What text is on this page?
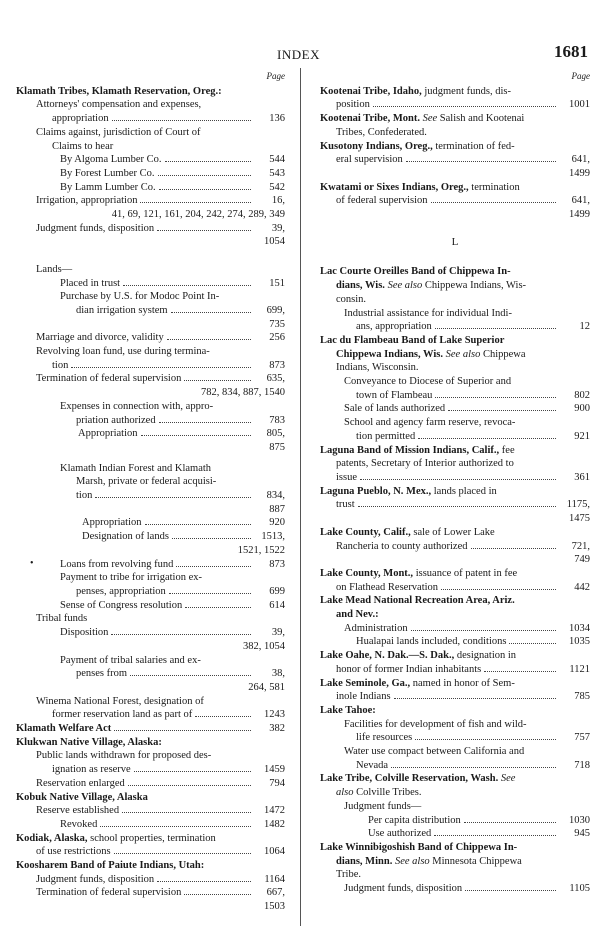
INDEX	1681
•
Page
Klamath Tribes, Klamath Reservation, Oreg.:
Attorneys' compensation and expenses,
appropriation	136
Claims against, jurisdiction of Court of
Claims to hear
By Algoma Lumber Co.	544
By Forest Lumber Co.	543
By Lamm Lumber Co.	542
Irrigation, appropriation	16,
41, 69, 121, 161, 204, 242, 274, 289, 349
Judgment funds, disposition	39,
1054
Lands—
Placed in trust	151
Purchase by U.S. for Modoc Point In-
dian irrigation system	699,
735
Marriage and divorce, validity	256
Revolving loan fund, use during termina-
tion	873
Termination of federal supervision	635,
782, 834, 887, 1540
Expenses in connection with, appro-
priation authorized	783
Appropriation	805,
875
Klamath Indian Forest and Klamath
Marsh, private or federal acquisi-
tion	834,
887
Appropriation	920
Designation of lands	1513,
1521, 1522
Loans from revolving fund	873
Payment to tribe for irrigation ex-
penses, appropriation	699
Sense of Congress resolution	614
Tribal funds
Disposition	39,
382, 1054
Payment of tribal salaries and ex-
penses from	38,
264, 581
Winema National Forest, designation of
former reservation land as part of	1243
Klamath Welfare Act	382
Klukwan Native Village, Alaska:
Public lands withdrawn for proposed des-
ignation as reserve	1459
Reservation enlarged	794
Kobuk Native Village, Alaska
Reserve established	1472
Revoked	1482
Kodiak, Alaska, school properties, termination
of use restrictions	1064
Koosharem Band of Paiute Indians, Utah:
Judgment funds, disposition	1164
Termination of federal supervision	667,
1503
Page
Kootenai Tribe, Idaho, judgment funds, dis-
position	1001
Kootenai Tribe, Mont. See Salish and Kootenai
Tribes, Confederated.
Kusotony Indians, Oreg., termination of fed-
eral supervision	641,
1499
Kwatami or Sixes Indians, Oreg., termination
of federal supervision	641,
1499
L
Lac Courte Oreilles Band of Chippewa In-
dians, Wis. See also Chippewa Indians, Wis-
consin.
Industrial assistance for individual Indi-
ans, appropriation	12
Lac du Flambeau Band of Lake Superior
Chippewa Indians, Wis. See also Chippewa
Indians, Wisconsin.
Conveyance to Diocese of Superior and
town of Flambeau	802
Sale of lands authorized	900
School and agency farm reserve, revoca-
tion permitted	921
Laguna Band of Mission Indians, Calif., fee
patents, Secretary of Interior authorized to
issue	361
Laguna Pueblo, N. Mex., lands placed in
trust	1175,
1475
Lake County, Calif., sale of Lower Lake
Rancheria to county authorized	721,
749
Lake County, Mont., issuance of patent in fee
on Flathead Reservation	442
Lake Mead National Recreation Area, Ariz.
and Nev.:
Administration	1034
Hualapai lands included, conditions	1035
Lake Oahe, N. Dak.—S. Dak., designation in
honor of former Indian inhabitants	1121
Lake Seminole, Ga., named in honor of Sem-
inole Indians	785
Lake Tahoe:
Facilities for development of fish and wild-
life resources	757
Water use compact between California and
Nevada	718
Lake Tribe, Colville Reservation, Wash. See
also Colville Tribes.
Judgment funds—
Per capita distribution	1030
Use authorized	945
Lake Winnibigoshish Band of Chippewa In-
dians, Minn. See also Minnesota Chippewa
Tribe.
Judgment funds, disposition	1105
